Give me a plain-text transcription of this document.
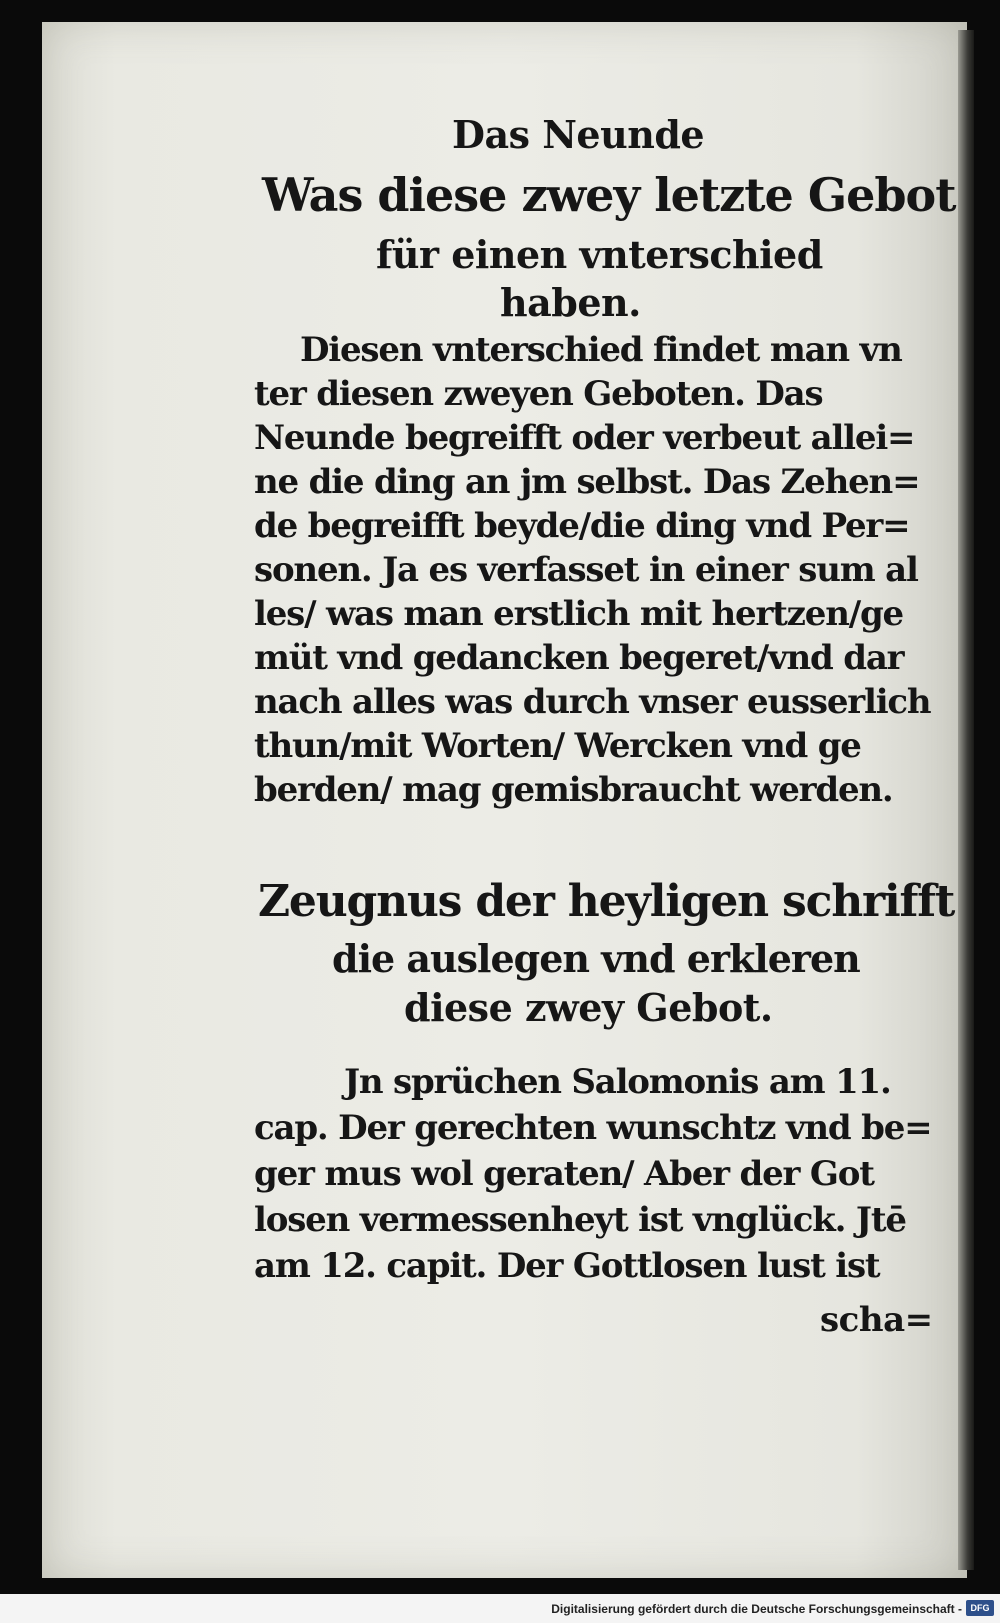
Das Neunde
Was diese zwey letzte Gebot
für einen vnterschied
haben.
Diesen vnterschied findet man vn
ter diesen zweyen Geboten. Das
Neunde begreifft oder verbeut allei=
ne die ding an jm selbst. Das Zehen=
de begreifft beyde/die ding vnd Per=
sonen. Ja es verfasset in einer sum al
les/ was man erstlich mit hertzen/ge
müt vnd gedancken begeret/vnd dar
nach alles was durch vnser eusserlich
thun/mit Worten/ Wercken vnd ge
berden/ mag gemisbraucht werden.
Zeugnus der heyligen schrifft
die auslegen vnd erkleren
diese zwey Gebot.
Jn sprüchen Salomonis am 11.
cap. Der gerechten wunschtz vnd be=
ger mus wol geraten/ Aber der Got
losen vermessenheyt ist vnglück. Jtē
am 12. capit. Der Gottlosen lust ist
scha=
Digitalisierung gefördert durch die Deutsche Forschungsgemeinschaft - DFG
